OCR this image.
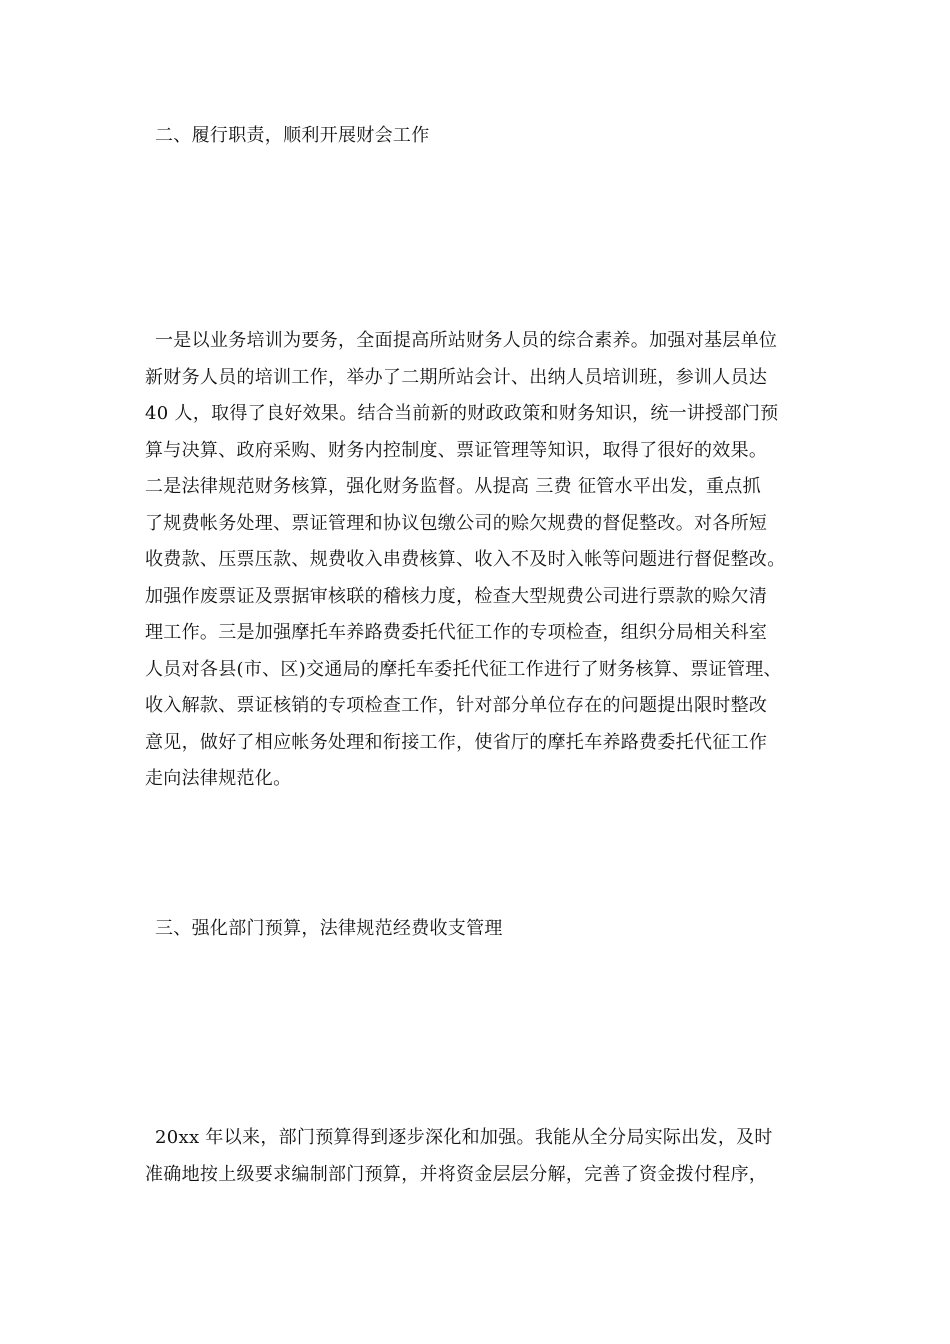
二、履行职责，顺利开展财会工作
一是以业务培训为要务，全面提高所站财务人员的综合素养。加强对基层单位
新财务人员的培训工作，举办了二期所站会计、出纳人员培训班，参训人员达
40 人，取得了良好效果。结合当前新的财政政策和财务知识，统一讲授部门预
算与决算、政府采购、财务内控制度、票证管理等知识，取得了很好的效果。
二是法律规范财务核算，强化财务监督。从提高 三费 征管水平出发，重点抓
了规费帐务处理、票证管理和协议包缴公司的赊欠规费的督促整改。对各所短
收费款、压票压款、规费收入串费核算、收入不及时入帐等问题进行督促整改。
加强作废票证及票据审核联的稽核力度，检查大型规费公司进行票款的赊欠清
理工作。三是加强摩托车养路费委托代征工作的专项检查，组织分局相关科室
人员对各县(市、区)交通局的摩托车委托代征工作进行了财务核算、票证管理、
收入解款、票证核销的专项检查工作，针对部分单位存在的问题提出限时整改
意见，做好了相应帐务处理和衔接工作，使省厅的摩托车养路费委托代征工作
走向法律规范化。
三、强化部门预算，法律规范经费收支管理
20xx 年以来，部门预算得到逐步深化和加强。我能从全分局实际出发，及时
准确地按上级要求编制部门预算，并将资金层层分解，完善了资金拨付程序，
